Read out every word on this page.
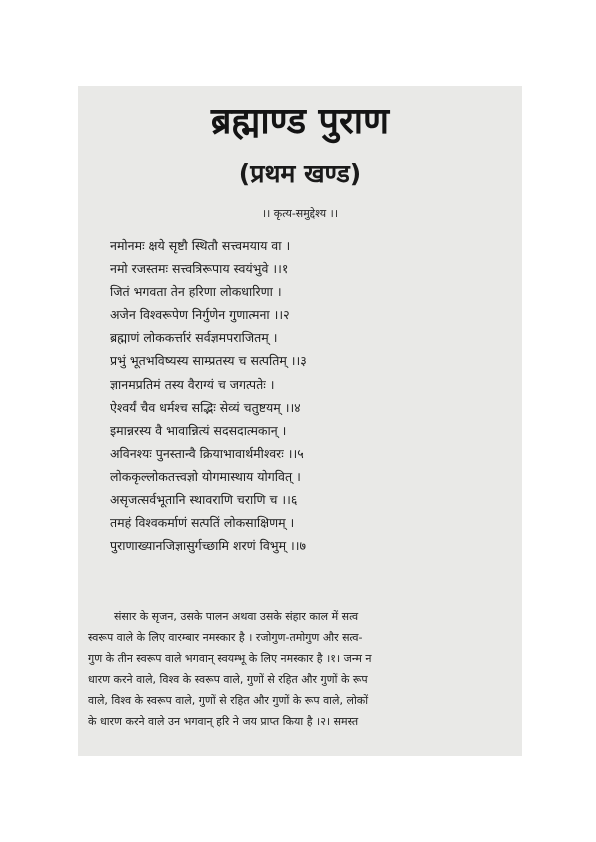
ब्रह्माण्ड पुराण
(प्रथम खण्ड)
।। कृत्य-समुद्देश्य ।।
नमोनमः क्षये सृष्टौ स्थितौ सत्त्वमयाय वा ।
नमो रजस्तमः सत्त्वत्रिरूपाय स्वयंभुवे ।।१
जितं भगवता तेन हरिणा लोकधारिणा ।
अजेन विश्वरूपेण निर्गुणेन गुणात्मना ।।२
ब्रह्माणं लोककर्त्तारं सर्वज्ञमपराजितम् ।
प्रभुं भूतभविष्यस्य साम्प्रतस्य च सत्पतिम् ।।३
ज्ञानमप्रतिमं तस्य वैराग्यं च जगत्पतेः ।
ऐश्वर्यं चैव धर्मश्च सद्भिः सेव्यं चतुष्टयम् ।।४
इमान्नरस्य वै भावान्नित्यं सदसदात्मकान् ।
अविनश्यः पुनस्तान्वै क्रियाभावार्थमीश्वरः ।।५
लोककृल्लोकतत्त्वज्ञो योगमास्थाय योगवित् ।
असृजत्सर्वभूतानि स्थावराणि चराणि च ।।६
तमहं विश्वकर्माणं सत्पतिं लोकसाक्षिणम् ।
पुराणाख्यानजिज्ञासुर्गच्छामि शरणं विभुम् ।।७
संसार के सृजन, उसके पालन अथवा उसके संहार काल में सत्व
स्वरूप वाले के लिए वारम्बार नमस्कार है । रजोगुण-तमोगुण और सत्व-
गुण के तीन स्वरूप वाले भगवान् स्वयम्भू के लिए नमस्कार है ।१। जन्म न
धारण करने वाले, विश्व के स्वरूप वाले, गुणों से रहित और गुणों के रूप
वाले, विश्व के स्वरूप वाले, गुणों से रहित और गुणों के रूप वाले, लोकों
के धारण करने वाले उन भगवान् हरि ने जय प्राप्त किया है ।२। समस्त
